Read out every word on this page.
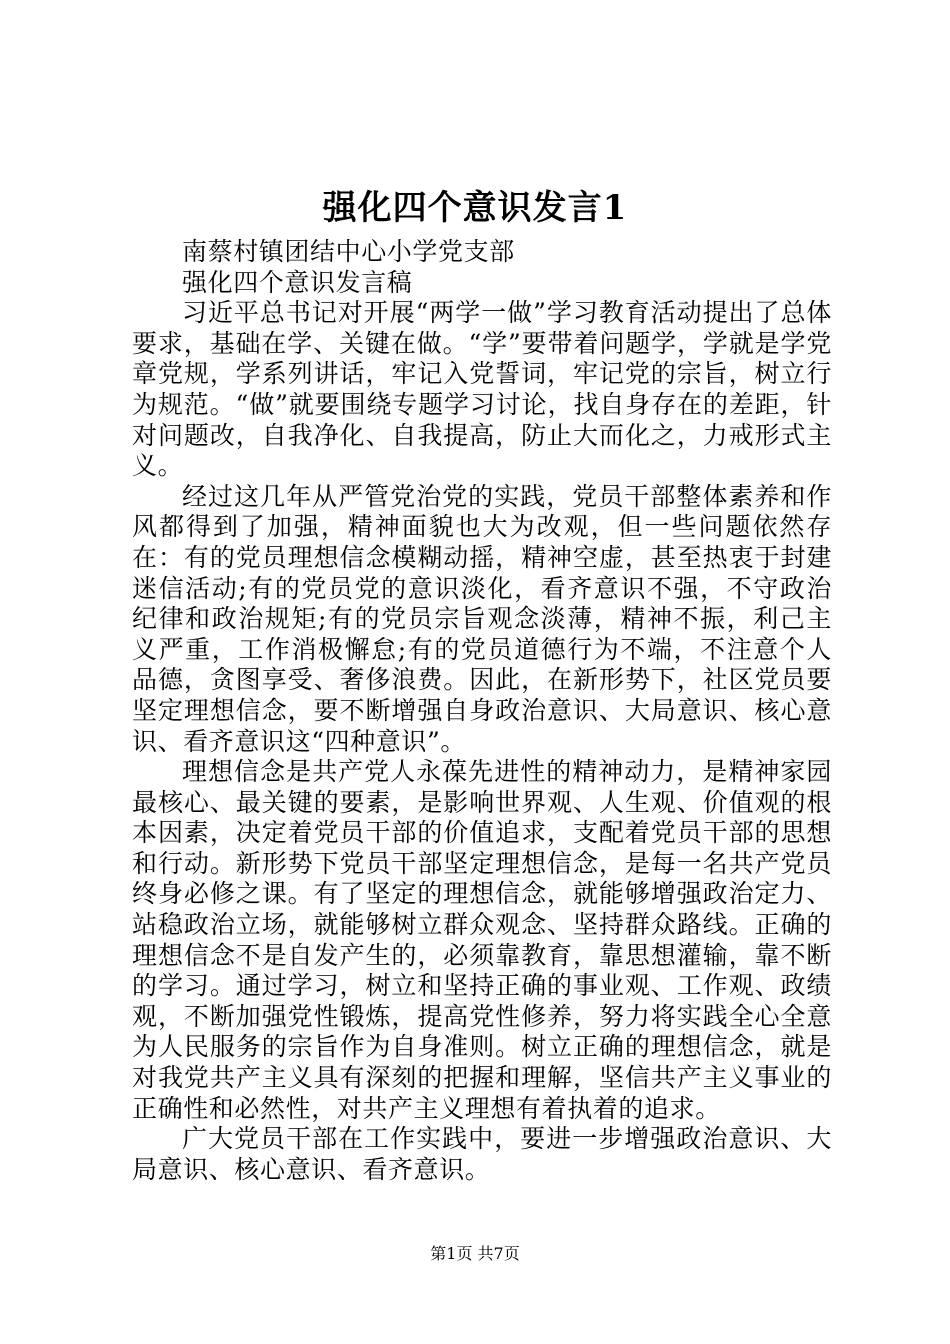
强化四个意识发言1

南蔡村镇团结中心小学党支部

强化四个意识发言稿

习近平总书记对开展“两学一做”学习教育活动提出了总体要求，基础在学、关键在做。“学”要带着问题学，学就是学党章党规，学系列讲话，牢记入党誓词，牢记党的宗旨，树立行为规范。“做”就要围绕专题学习讨论，找自身存在的差距，针对问题改，自我净化、自我提高，防止大而化之，力戒形式主义。

经过这几年从严管党治党的实践，党员干部整体素养和作风都得到了加强，精神面貌也大为改观，但一些问题依然存在：有的党员理想信念模糊动摇，精神空虚，甚至热衷于封建迷信活动;有的党员党的意识淡化，看齐意识不强，不守政治纪律和政治规矩;有的党员宗旨观念淡薄，精神不振，利己主义严重，工作消极懈怠;有的党员道德行为不端，不注意个人品德，贪图享受、奢侈浪费。因此，在新形势下，社区党员要坚定理想信念，要不断增强自身政治意识、大局意识、核心意识、看齐意识这“四种意识”。

理想信念是共产党人永葆先进性的精神动力，是精神家园最核心、最关键的要素，是影响世界观、人生观、价值观的根本因素，决定着党员干部的价值追求，支配着党员干部的思想和行动。新形势下党员干部坚定理想信念，是每一名共产党员终身必修之课。有了坚定的理想信念，就能够增强政治定力、站稳政治立场，就能够树立群众观念、坚持群众路线。正确的理想信念不是自发产生的，必须靠教育，靠思想灌输，靠不断的学习。通过学习，树立和坚持正确的事业观、工作观、政绩观，不断加强党性锻炼，提高党性修养，努力将实践全心全意为人民服务的宗旨作为自身准则。树立正确的理想信念，就是对我党共产主义具有深刻的把握和理解，坚信共产主义事业的正确性和必然性，对共产主义理想有着执着的追求。

广大党员干部在工作实践中，要进一步增强政治意识、大局意识、核心意识、看齐意识。

第1页 共7页
